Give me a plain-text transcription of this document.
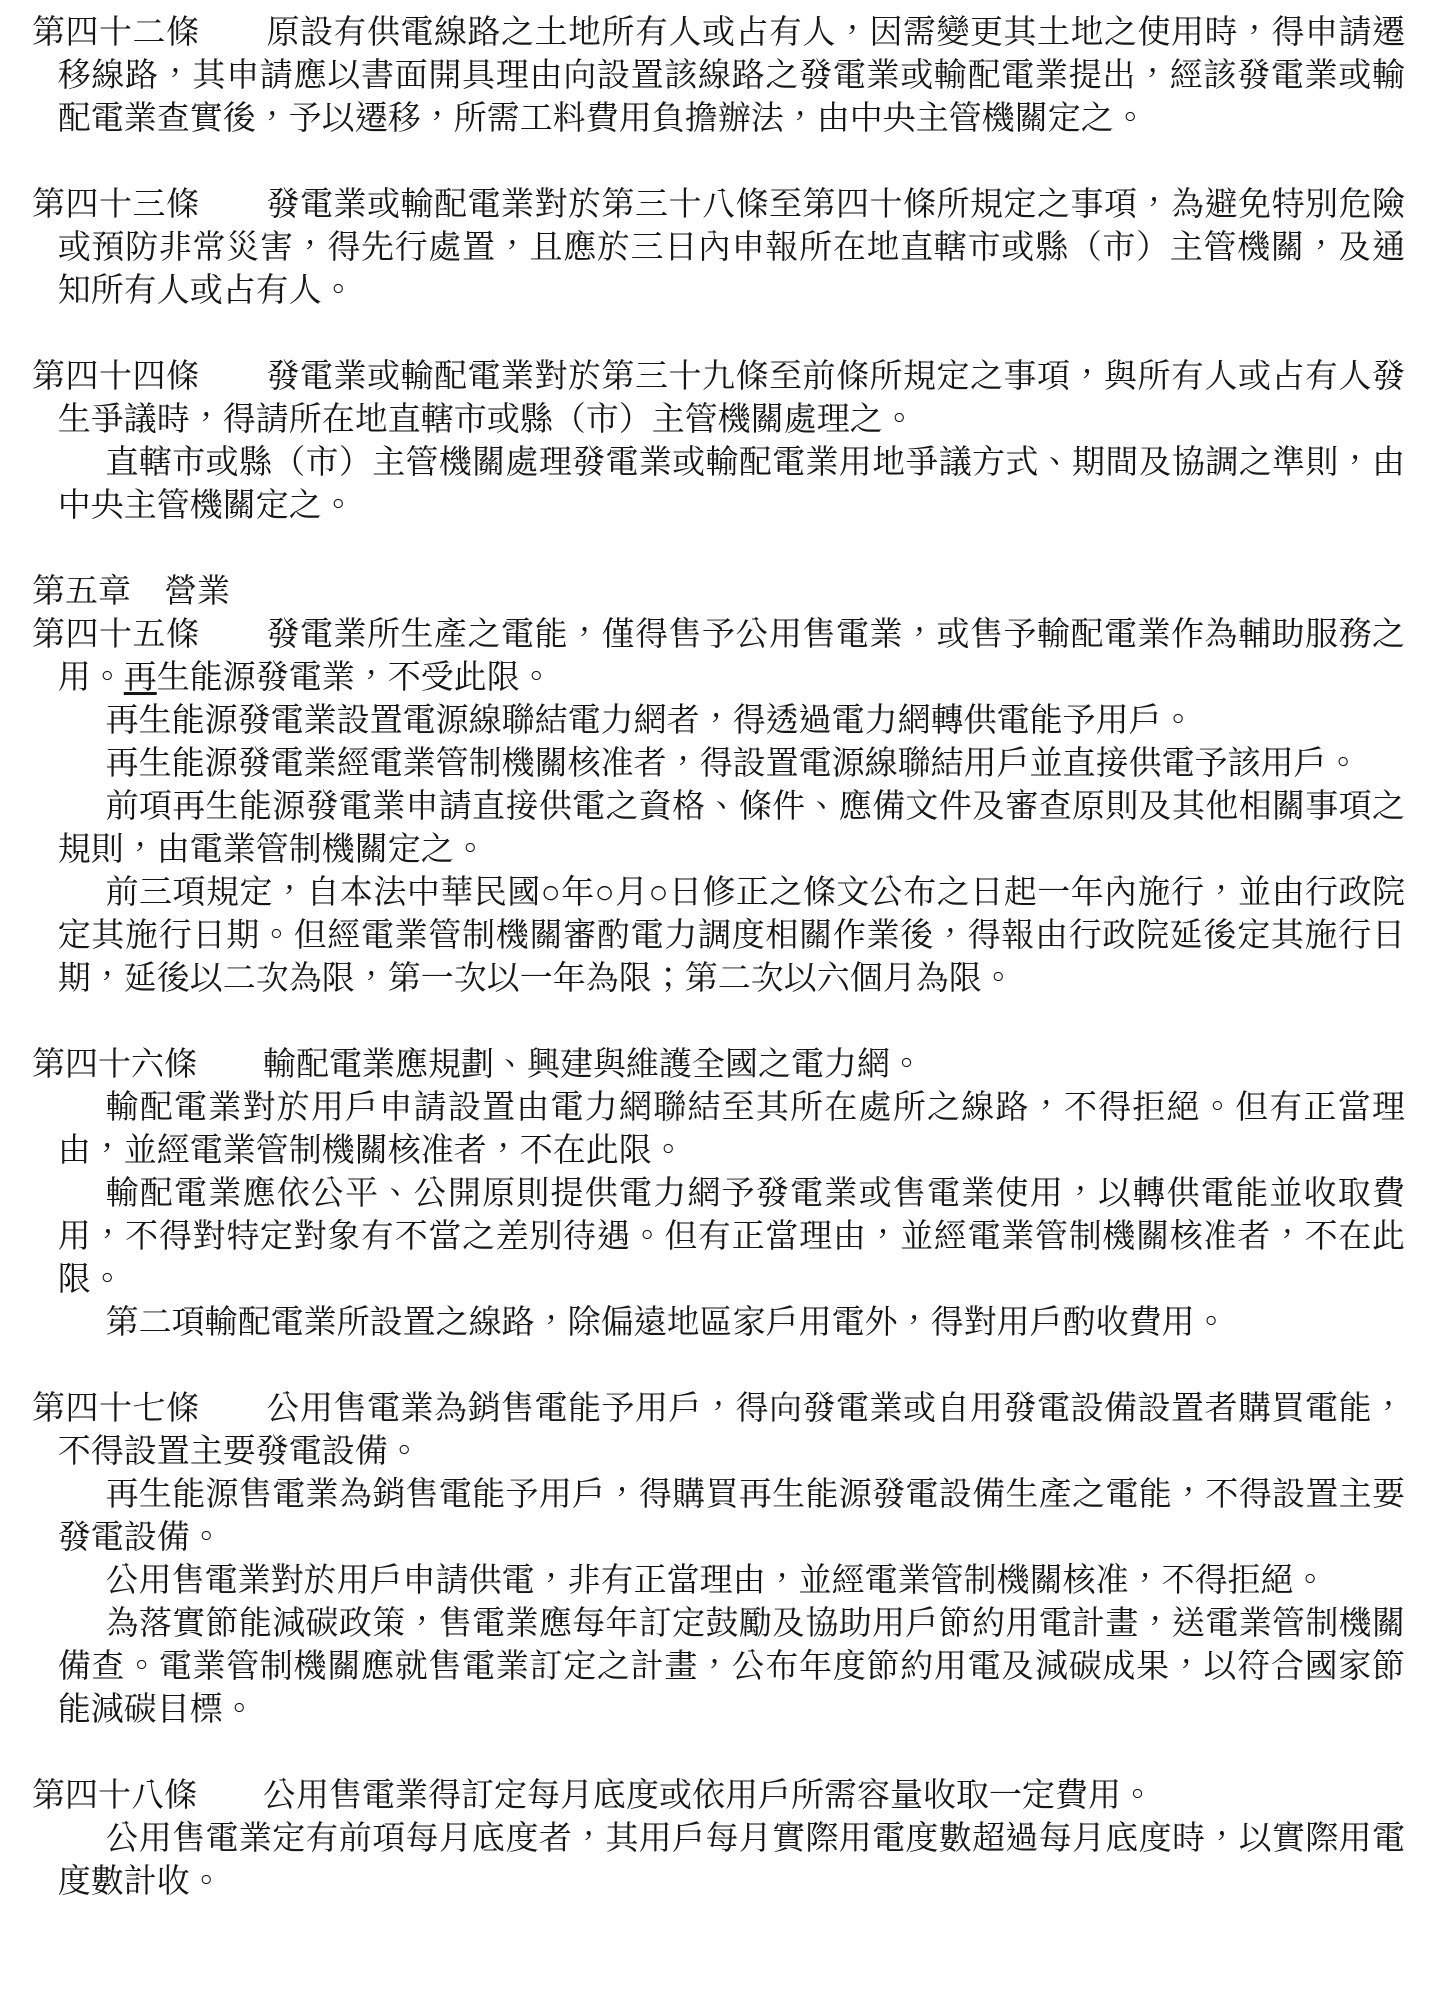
第四十二條　　原設有供電線路之土地所有人或占有人，因需變更其土地之使用時，得申請遷移線路，其申請應以書面開具理由向設置該線路之發電業或輸配電業提出，經該發電業或輸配電業查實後，予以遷移，所需工料費用負擔辦法，由中央主管機關定之。

第四十三條　　發電業或輸配電業對於第三十八條至第四十條所規定之事項，為避免特別危險或預防非常災害，得先行處置，且應於三日內申報所在地直轄市或縣（市）主管機關，及通知所有人或占有人。

第四十四條　　發電業或輸配電業對於第三十九條至前條所規定之事項，與所有人或占有人發生爭議時，得請所在地直轄市或縣（市）主管機關處理之。

直轄市或縣（市）主管機關處理發電業或輸配電業用地爭議方式、期間及協調之準則，由中央主管機關定之。

第五章　營業

第四十五條　　發電業所生產之電能，僅得售予公用售電業，或售予輸配電業作為輔助服務之用。再生能源發電業，不受此限。

再生能源發電業設置電源線聯結電力網者，得透過電力網轉供電能予用戶。

再生能源發電業經電業管制機關核准者，得設置電源線聯結用戶並直接供電予該用戶。

前項再生能源發電業申請直接供電之資格、條件、應備文件及審查原則及其他相關事項之規則，由電業管制機關定之。

前三項規定，自本法中華民國○年○月○日修正之條文公布之日起一年內施行，並由行政院定其施行日期。但經電業管制機關審酌電力調度相關作業後，得報由行政院延後定其施行日期，延後以二次為限，第一次以一年為限；第二次以六個月為限。

第四十六條　　輸配電業應規劃、興建與維護全國之電力網。

輸配電業對於用戶申請設置由電力網聯結至其所在處所之線路，不得拒絕。但有正當理由，並經電業管制機關核准者，不在此限。

輸配電業應依公平、公開原則提供電力網予發電業或售電業使用，以轉供電能並收取費用，不得對特定對象有不當之差別待遇。但有正當理由，並經電業管制機關核准者，不在此限。

第二項輸配電業所設置之線路，除偏遠地區家戶用電外，得對用戶酌收費用。

第四十七條　　公用售電業為銷售電能予用戶，得向發電業或自用發電設備設置者購買電能，不得設置主要發電設備。

再生能源售電業為銷售電能予用戶，得購買再生能源發電設備生產之電能，不得設置主要發電設備。

公用售電業對於用戶申請供電，非有正當理由，並經電業管制機關核准，不得拒絕。

為落實節能減碳政策，售電業應每年訂定鼓勵及協助用戶節約用電計畫，送電業管制機關備查。電業管制機關應就售電業訂定之計畫，公布年度節約用電及減碳成果，以符合國家節能減碳目標。

第四十八條　　公用售電業得訂定每月底度或依用戶所需容量收取一定費用。

公用售電業定有前項每月底度者，其用戶每月實際用電度數超過每月底度時，以實際用電度數計收。
